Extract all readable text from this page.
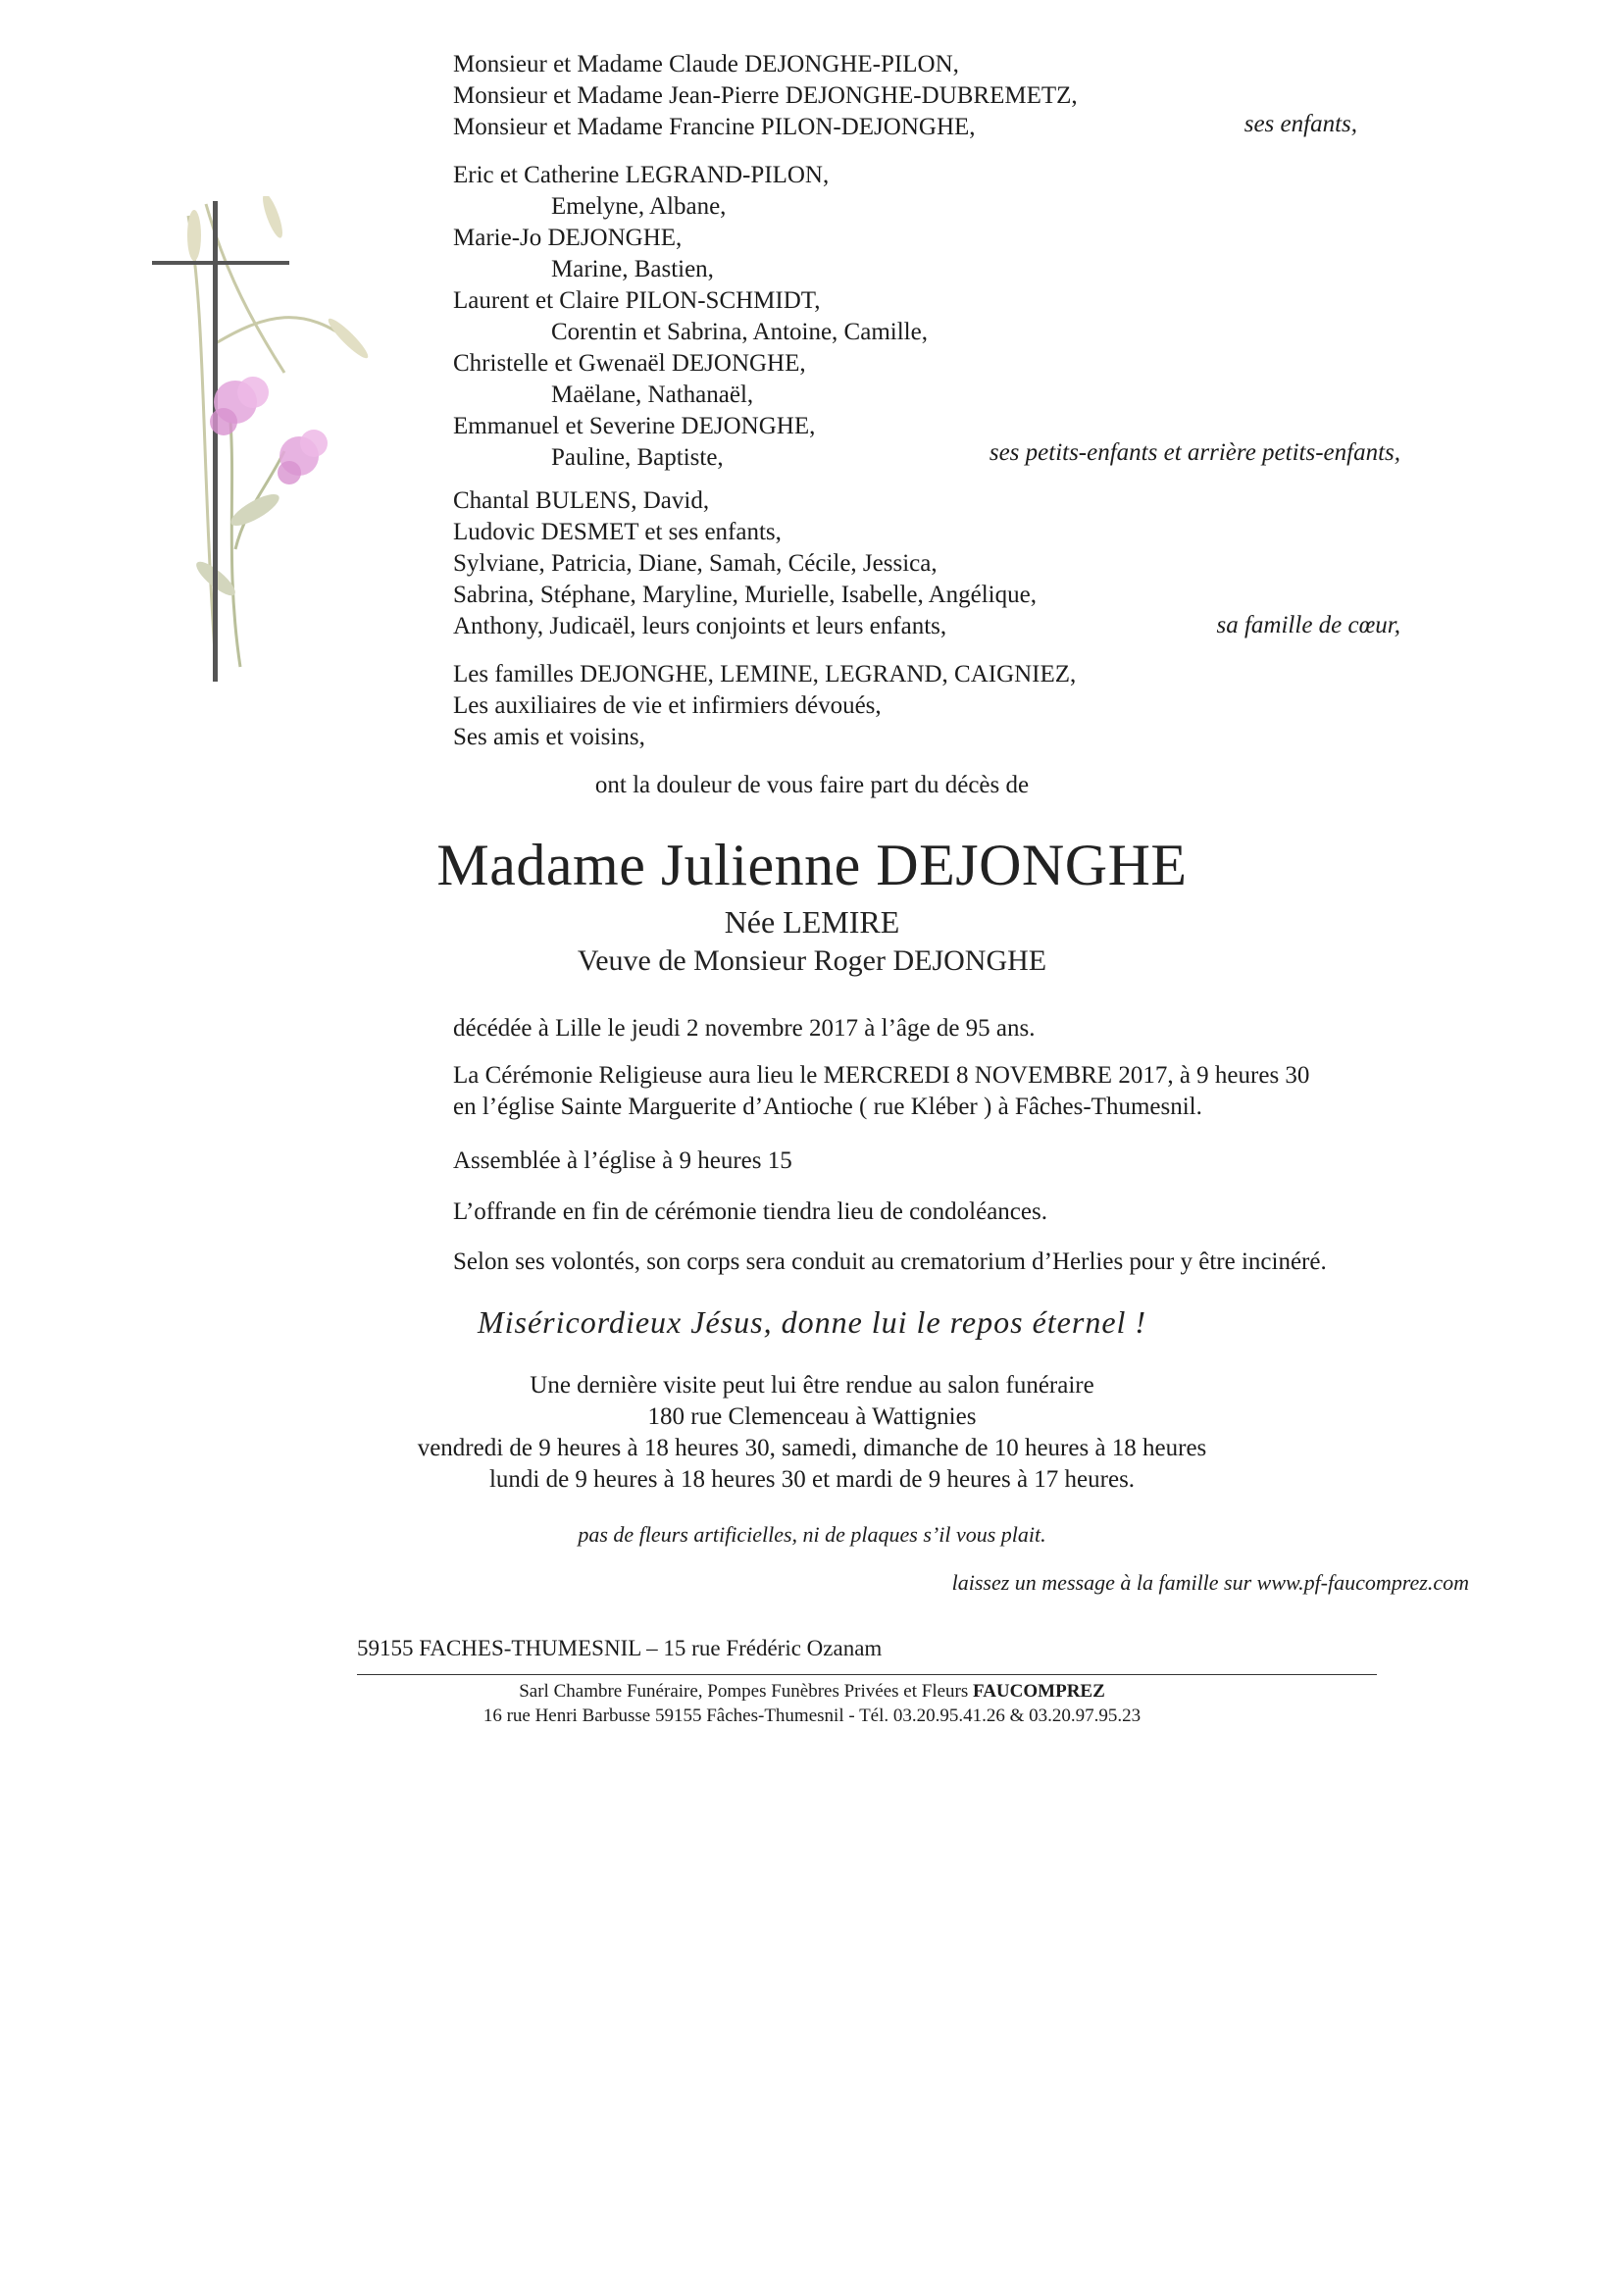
Monsieur et Madame Claude DEJONGHE-PILON,
Monsieur et Madame Jean-Pierre DEJONGHE-DUBREMETZ,
Monsieur et Madame Francine PILON-DEJONGHE,	ses enfants,
Eric et Catherine LEGRAND-PILON,
Emelyne, Albane,
Marie-Jo DEJONGHE,
Marine, Bastien,
Laurent et Claire PILON-SCHMIDT,
Corentin et Sabrina, Antoine, Camille,
Christelle et Gwenaël DEJONGHE,
Maëlane, Nathanaël,
Emmanuel et Severine DEJONGHE,
Pauline, Baptiste,	ses petits-enfants et arrière petits-enfants,
Chantal BULENS, David,
Ludovic DESMET et ses enfants,
Sylviane, Patricia, Diane, Samah, Cécile, Jessica,
Sabrina, Stéphane, Maryline, Murielle, Isabelle, Angélique,
Anthony, Judicaël, leurs conjoints et leurs enfants,	sa famille de cœur,
Les familles DEJONGHE, LEMINE, LEGRAND, CAIGNIEZ,
Les auxiliaires de vie et infirmiers dévoués,
Ses amis et voisins,
ont la douleur de vous faire part du décès de
Madame Julienne DEJONGHE
Née LEMIRE
Veuve de Monsieur Roger DEJONGHE
décédée à Lille le jeudi 2 novembre 2017 à l’âge de 95 ans.
La Cérémonie Religieuse aura lieu le MERCREDI 8 NOVEMBRE 2017, à 9 heures 30
en l’église Sainte Marguerite d’Antioche ( rue Kléber ) à Fâches-Thumesnil.
Assemblée à l’église à 9 heures 15
L’offrande en fin de cérémonie tiendra lieu de condoléances.
Selon ses volontés, son corps sera conduit au crematorium d’Herlies pour y être incinéré.
Miséricordieux Jésus, donne lui le repos éternel !
Une dernière visite peut lui être rendue au salon funéraire
180 rue Clemenceau à Wattignies
vendredi de 9 heures à 18 heures 30, samedi, dimanche de 10 heures à 18 heures
lundi de 9 heures à 18 heures 30 et mardi de 9 heures à 17 heures.
pas de fleurs artificielles, ni de plaques s’il vous plait.
laissez un message à la famille sur www.pf-faucomprez.com
59155 FACHES-THUMESNIL – 15 rue Frédéric Ozanam
Sarl Chambre Funéraire, Pompes Funèbres Privées et Fleurs FAUCOMPREZ
16 rue Henri Barbusse 59155 Fâches-Thumesnil - Tél. 03.20.95.41.26 & 03.20.97.95.23
